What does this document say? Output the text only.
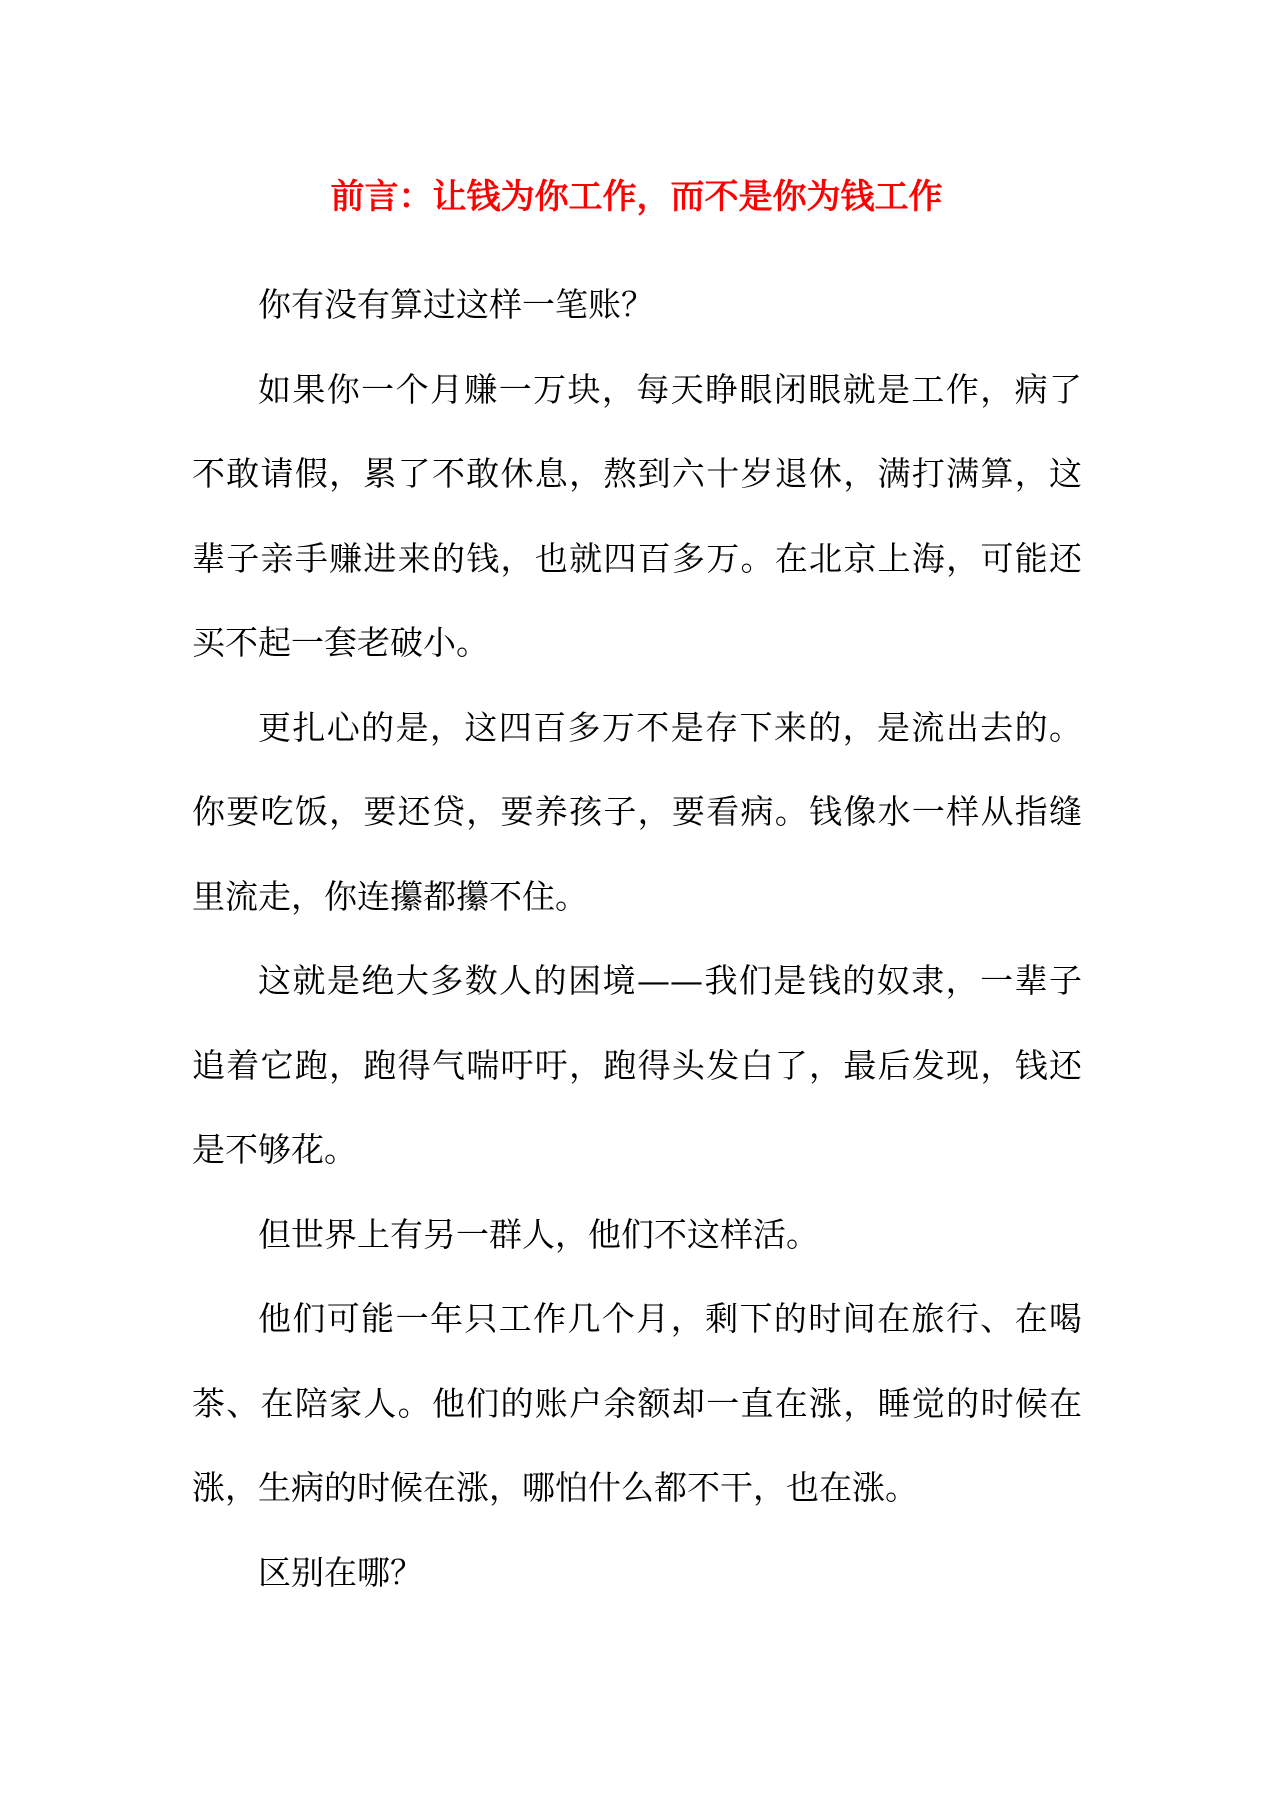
前言：让钱为你工作，而不是你为钱工作

你有没有算过这样一笔账？

如果你一个月赚一万块，每天睁眼闭眼就是工作，病了不敢请假，累了不敢休息，熬到六十岁退休，满打满算，这辈子亲手赚进来的钱，也就四百多万。在北京上海，可能还买不起一套老破小。

更扎心的是，这四百多万不是存下来的，是流出去的。你要吃饭，要还贷，要养孩子，要看病。钱像水一样从指缝里流走，你连攥都攥不住。

这就是绝大多数人的困境——我们是钱的奴隶，一辈子追着它跑，跑得气喘吁吁，跑得头发白了，最后发现，钱还是不够花。

但世界上有另一群人，他们不这样活。

他们可能一年只工作几个月，剩下的时间在旅行、在喝茶、在陪家人。他们的账户余额却一直在涨，睡觉的时候在涨，生病的时候在涨，哪怕什么都不干，也在涨。

区别在哪？
